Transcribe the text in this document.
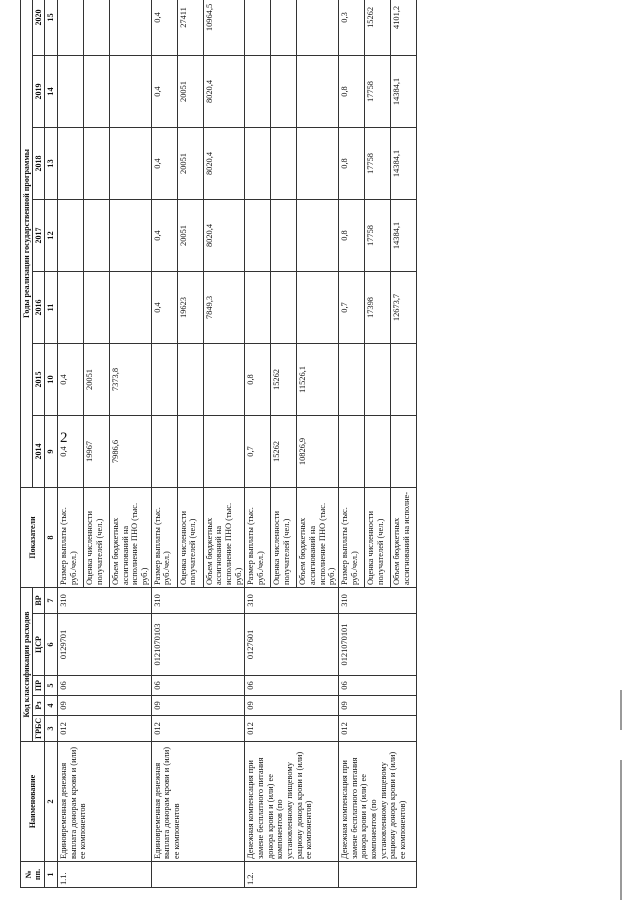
2
№ пп.	Наименование	Код классификации расходов					Показатели	Годы реализации государственной программы						
		ГРБС	Рз	ПР	ЦСР	ВР								
								2014	2015	2016	2017	2018	2019	2020
1	2	3	4	5	6	7	8	9	10	11	12	13	14	15
1.1.	Единовременная денежная выплата донорам крови и (или) ее компонентов	012	09	06	0129701	310	Размер выплаты (тыс. руб./чел.)	0,4	0,4					
							Оценка численности получателей (чел.)	19967	20051					
							Объем бюджетных ассигнований на исполнение ПНО (тыс. руб.)	7986,6	7373,8					
	Единовременная денежная выплата донорам крови и (или) ее компонентов	012	09	06	0121070103	310	Размер выплаты (тыс. руб./чел.)			0,4	0,4	0,4	0,4	0,4
							Оценка численности получателей (чел.)			19623	20051	20051	20051	27411
							Объем бюджетных ассигнований на исполнение ПНО (тыс. руб.)			7849,3	8020,4	8020,4	8020,4	10964,5
1.2.	Денежная компенсация при замене бесплатного питания донора крови и (или) ее компонентов (по установленному пищевому рациону донора крови и (или) ее компонентов)	012	09	06	0127601	310	Размер выплаты (тыс. руб./чел.)	0,7	0,8					
							Оценка численности получателей (чел.)	15262	15262					
							Объем бюджетных ассигнований на исполнение ПНО (тыс. руб.)	10826,9	11526,1					
	Денежная компенсация при замене бесплатного питания донора крови и (или) ее компонентов (по установленному пищевому рациону донора крови и (или) ее компонентов)	012	09	06	0121070101	310	Размер выплаты (тыс. руб./чел.)			0,7	0,8	0,8	0,8	0,3
							Оценка численности получателей (чел.)			17398	17758	17758	17758	15262
							Объем бюджетных ассигнований на исполне-			12673,7	14384,1	14384,1	14384,1	4101,2
